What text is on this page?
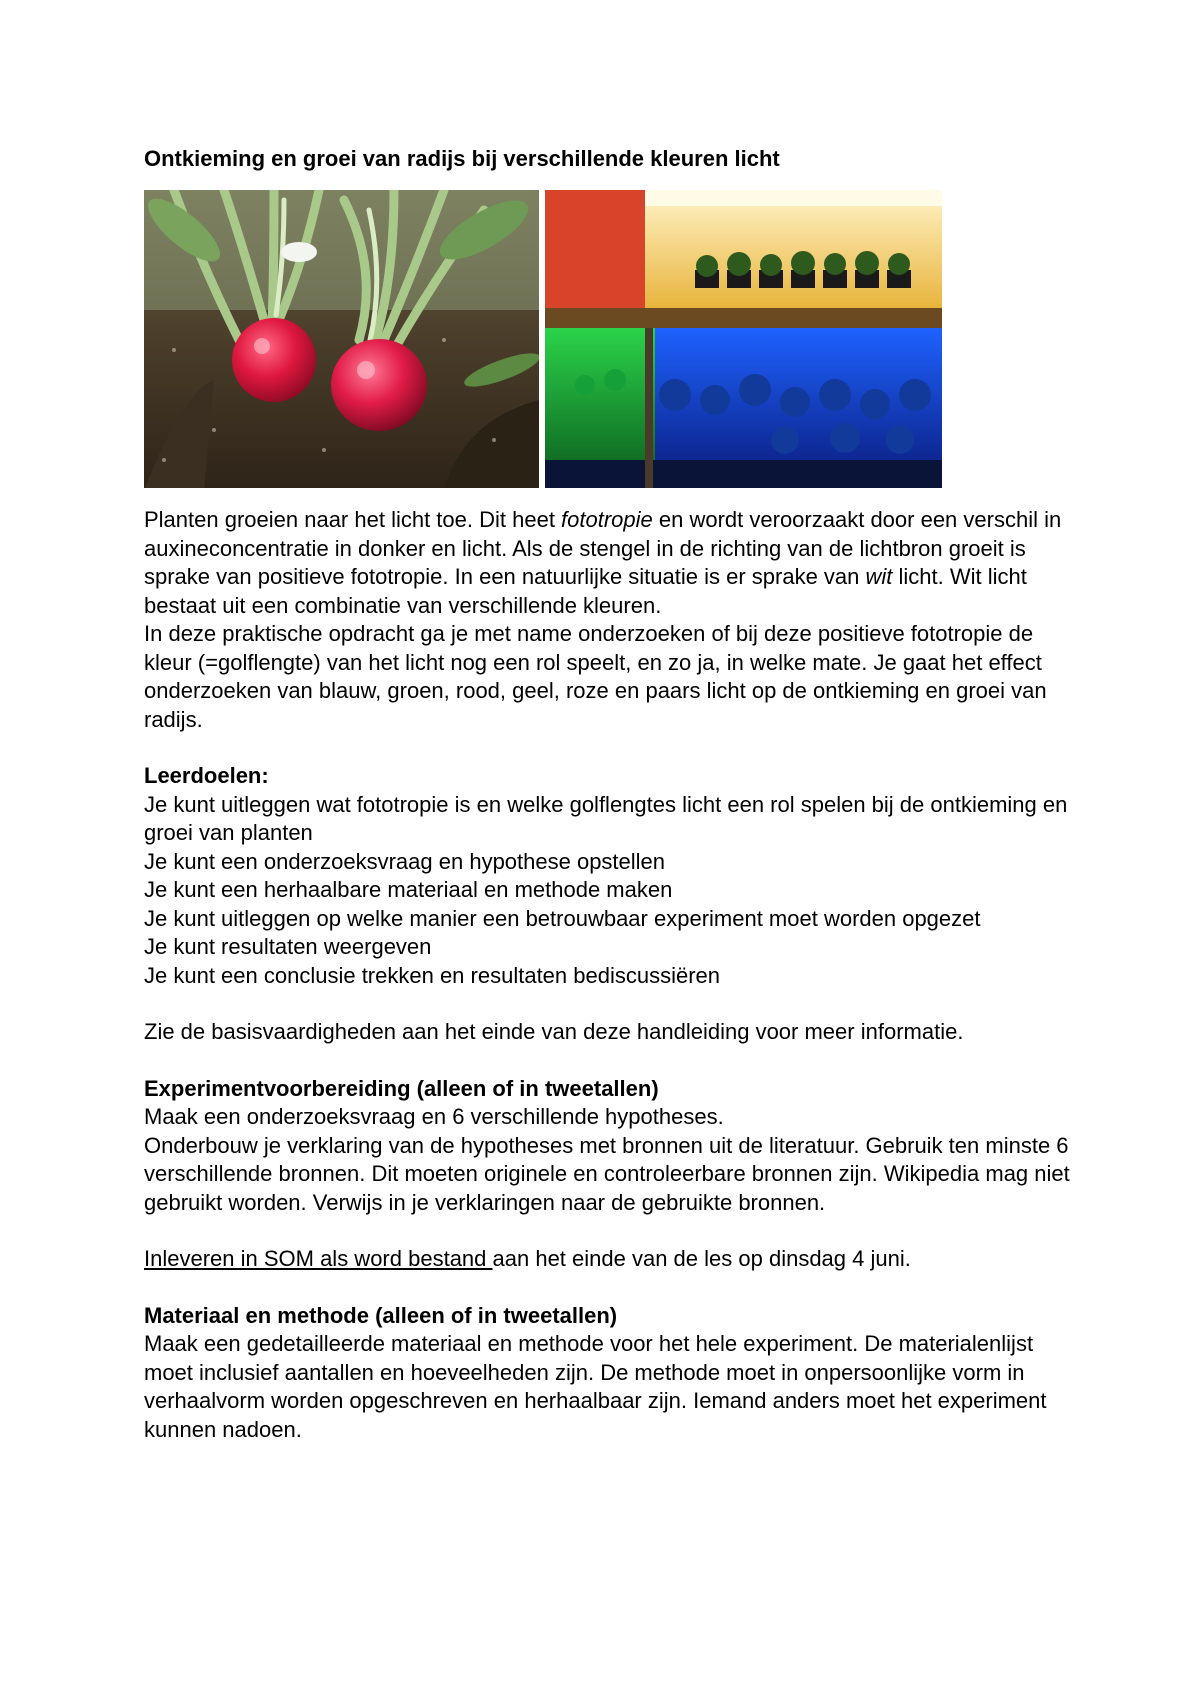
Ontkieming en groei van radijs bij verschillende kleuren licht

Planten groeien naar het licht toe. Dit heet fototropie en wordt veroorzaakt door een verschil in auxineconcentratie in donker en licht. Als de stengel in de richting van de lichtbron groeit is sprake van positieve fototropie. In een natuurlijke situatie is er sprake van wit licht. Wit licht bestaat uit een combinatie van verschillende kleuren.

In deze praktische opdracht ga je met name onderzoeken of bij deze positieve fototropie de kleur (=golflengte) van het licht nog een rol speelt, en zo ja, in welke mate. Je gaat het effect onderzoeken van blauw, groen, rood, geel, roze en paars licht op de ontkieming en groei van radijs.

Leerdoelen:

Je kunt uitleggen wat fototropie is en welke golflengtes licht een rol spelen bij de ontkieming en groei van planten
Je kunt een onderzoeksvraag en hypothese opstellen
Je kunt een herhaalbare materiaal en methode maken
Je kunt uitleggen op welke manier een betrouwbaar experiment moet worden opgezet
Je kunt resultaten weergeven
Je kunt een conclusie trekken en resultaten bediscussiëren

Zie de basisvaardigheden aan het einde van deze handleiding voor meer informatie.

Experimentvoorbereiding (alleen of in tweetallen)

Maak een onderzoeksvraag en 6 verschillende hypotheses.

Onderbouw je verklaring van de hypotheses met bronnen uit de literatuur. Gebruik ten minste 6 verschillende bronnen. Dit moeten originele en controleerbare bronnen zijn. Wikipedia mag niet gebruikt worden. Verwijs in je verklaringen naar de gebruikte bronnen.

Inleveren in SOM als word bestand aan het einde van de les op dinsdag 4 juni.

Materiaal en methode (alleen of in tweetallen)

Maak een gedetailleerde materiaal en methode voor het hele experiment. De materialenlijst moet inclusief aantallen en hoeveelheden zijn. De methode moet in onpersoonlijke vorm in verhaalvorm worden opgeschreven en herhaalbaar zijn. Iemand anders moet het experiment kunnen nadoen.
